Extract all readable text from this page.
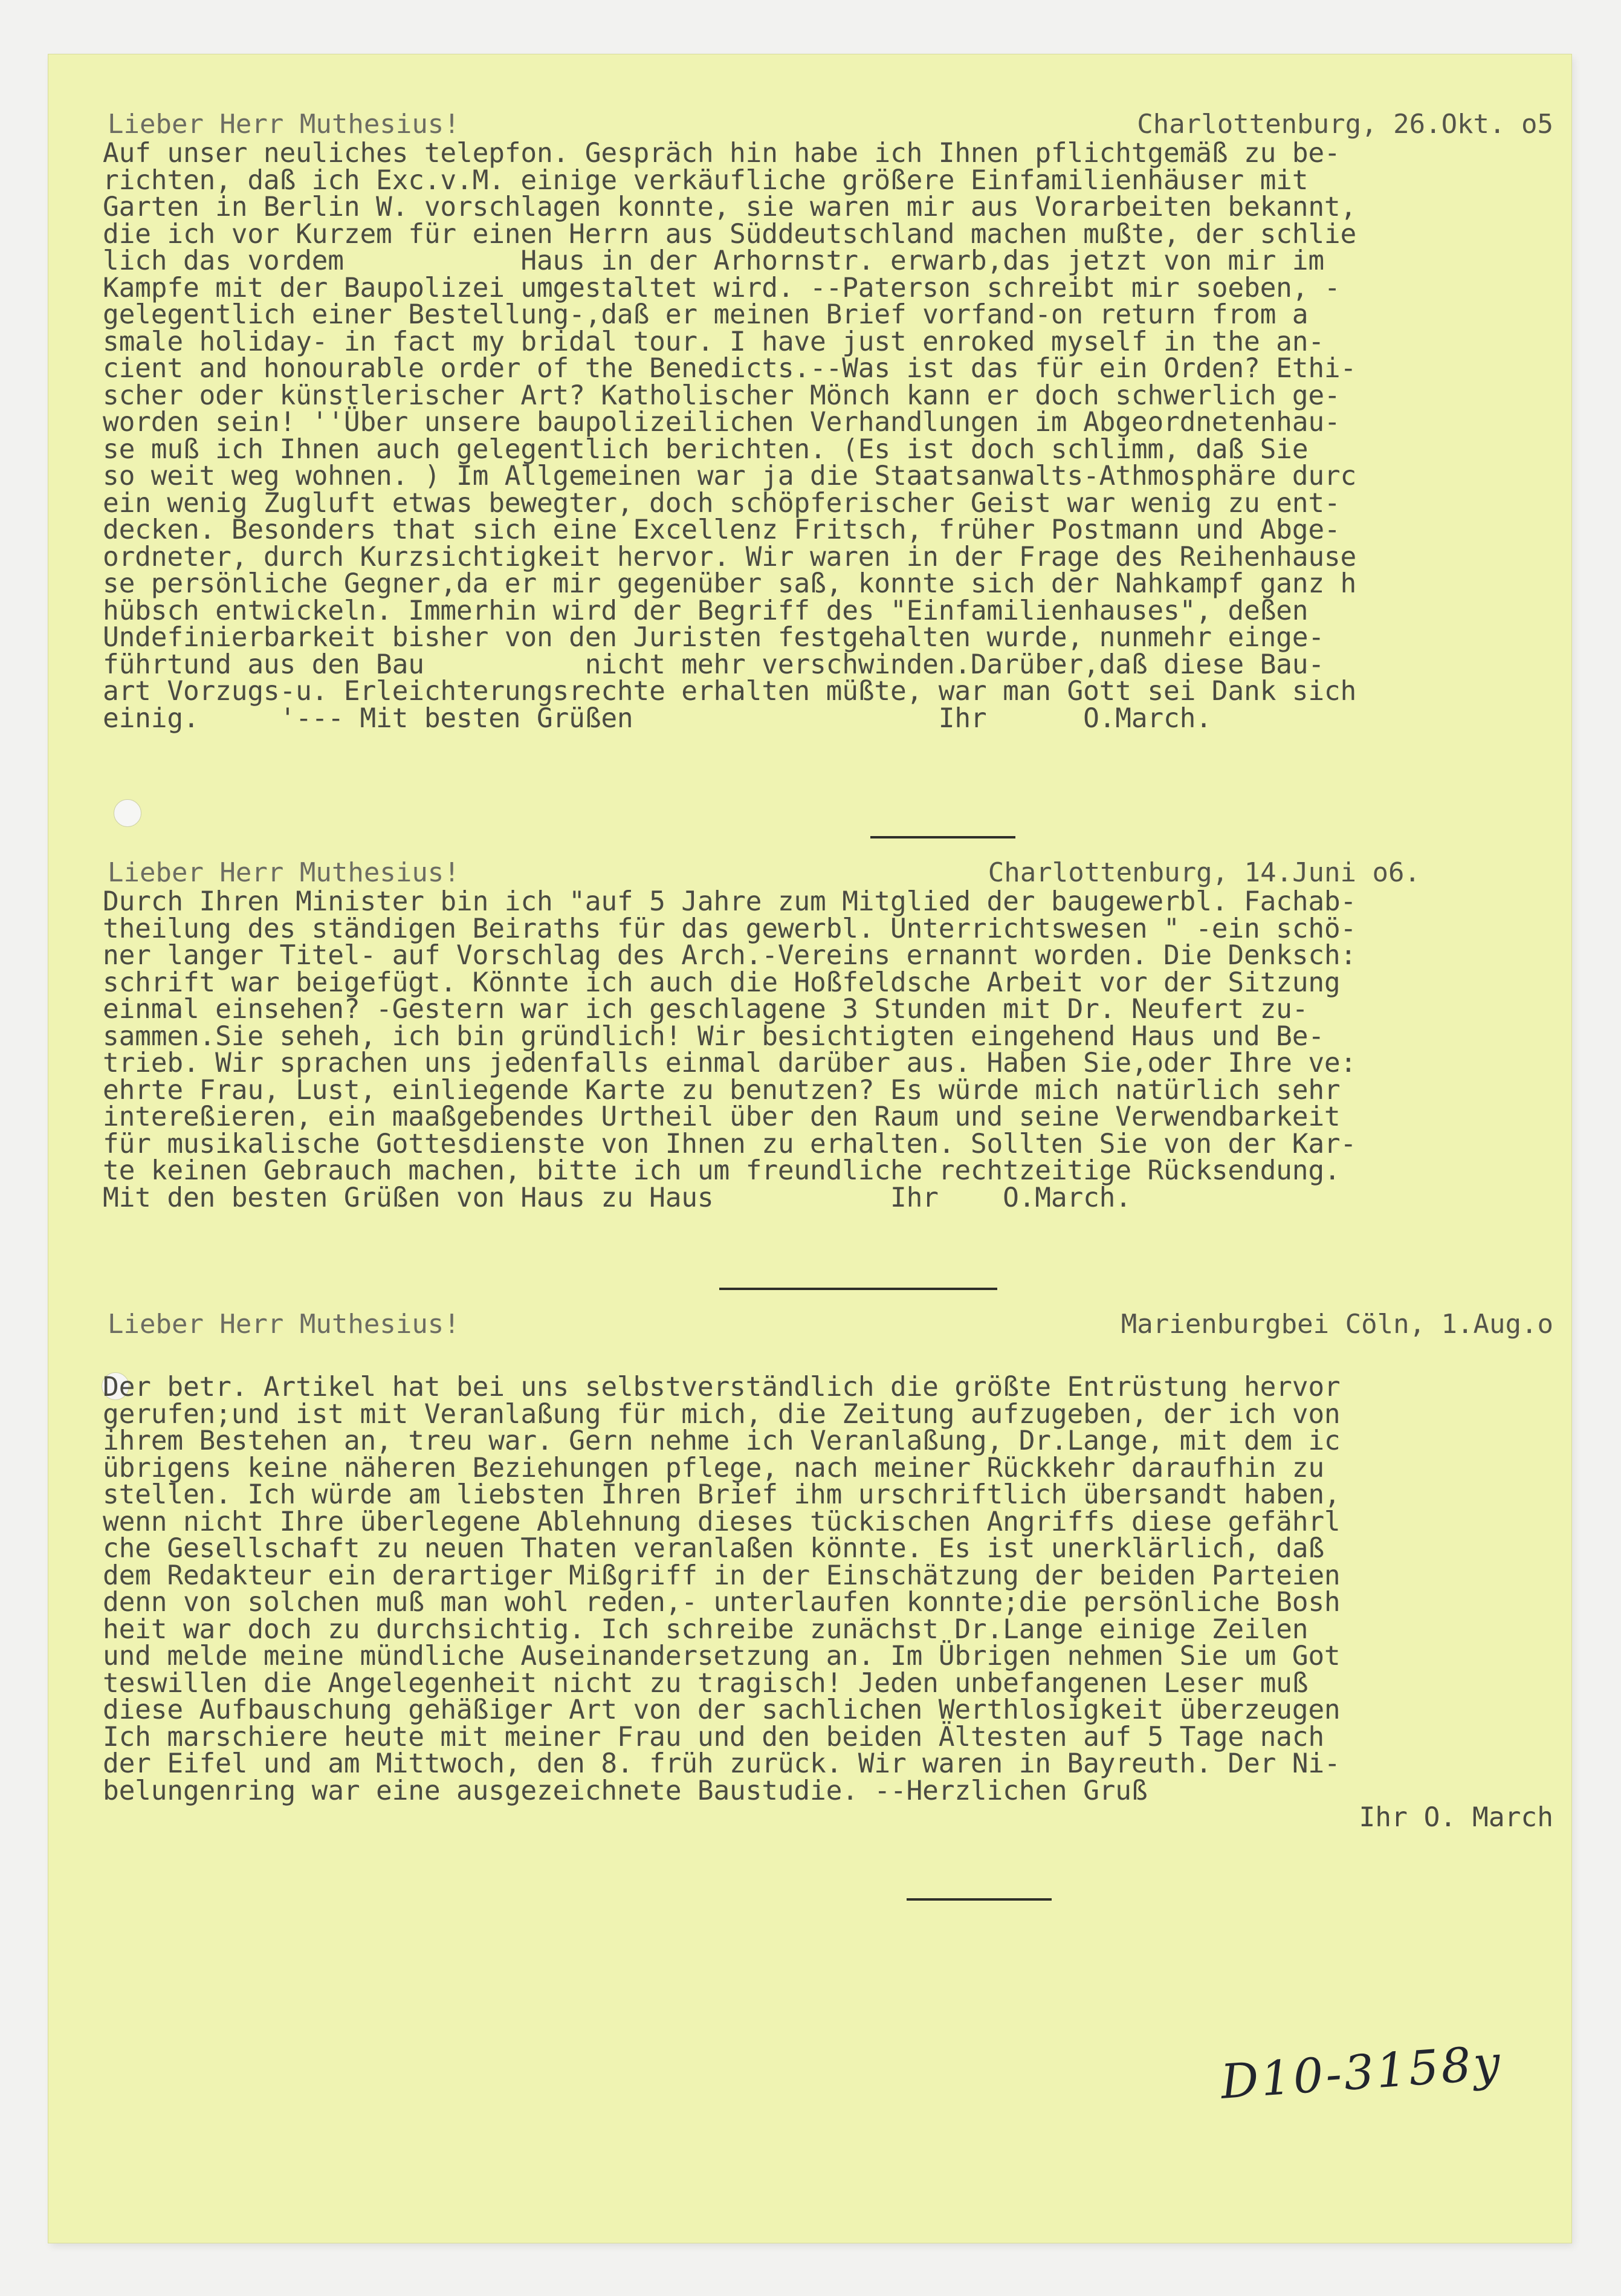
Lieber Herr Muthesius!	Charlottenburg, 26.Okt. o5
Auf unser neuliches telepfon. Gespräch hin habe ich Ihnen pflichtgemäß zu be-
richten, daß ich Exc.v.M. einige verkäufliche größere Einfamilienhäuser mit
Garten in Berlin W. vorschlagen konnte, sie waren mir aus Vorarbeiten bekannt,
die ich vor Kurzem für einen Herrn aus Süddeutschland machen mußte, der schlie
lich das vordem           Haus in der Arhornstr. erwarb,das jetzt von mir im
Kampfe mit der Baupolizei umgestaltet wird. --Paterson schreibt mir soeben, -
gelegentlich einer Bestellung-,daß er meinen Brief vorfand-on return from a
smale holiday- in fact my bridal tour. I have just enroked myself in the an-
cient and honourable order of the Benedicts.--Was ist das für ein Orden? Ethi-
scher oder künstlerischer Art? Katholischer Mönch kann er doch schwerlich ge-
worden sein! ''Über unsere baupolizeilichen Verhandlungen im Abgeordnetenhau-
se muß ich Ihnen auch gelegentlich berichten. (Es ist doch schlimm, daß Sie
so weit weg wohnen. ) Im Allgemeinen war ja die Staatsanwalts-Athmosphäre durc
ein wenig Zugluft etwas bewegter, doch schöpferischer Geist war wenig zu ent-
decken. Besonders that sich eine Excellenz Fritsch, früher Postmann und Abge-
ordneter, durch Kurzsichtigkeit hervor. Wir waren in der Frage des Reihenhause
se persönliche Gegner,da er mir gegenüber saß, konnte sich der Nahkampf ganz h
hübsch entwickeln. Immerhin wird der Begriff des "Einfamilienhauses", deßen
Undefinierbarkeit bisher von den Juristen festgehalten wurde, nunmehr einge-
führtund aus den Bau          nicht mehr verschwinden.Darüber,daß diese Bau-
art Vorzugs-u. Erleichterungsrechte erhalten müßte, war man Gott sei Dank sich
einig.     '--- Mit besten Grüßen                   Ihr      O.March.
Lieber Herr Muthesius!	Charlottenburg, 14.Juni o6.
Durch Ihren Minister bin ich "auf 5 Jahre zum Mitglied der baugewerbl. Fachab-
theilung des ständigen Beiraths für das gewerbl. Unterrichtswesen " -ein schö-
ner langer Titel- auf Vorschlag des Arch.-Vereins ernannt worden. Die Denksch:
schrift war beigefügt. Könnte ich auch die Hoßfeldsche Arbeit vor der Sitzung
einmal einsehen? -Gestern war ich geschlagene 3 Stunden mit Dr. Neufert zu-
sammen.Sie seheh, ich bin gründlich! Wir besichtigten eingehend Haus und Be-
trieb. Wir sprachen uns jedenfalls einmal darüber aus. Haben Sie,oder Ihre ve:
ehrte Frau, Lust, einliegende Karte zu benutzen? Es würde mich natürlich sehr
intereßieren, ein maaßgebendes Urtheil über den Raum und seine Verwendbarkeit
für musikalische Gottesdienste von Ihnen zu erhalten. Sollten Sie von der Kar-
te keinen Gebrauch machen, bitte ich um freundliche rechtzeitige Rücksendung.
Mit den besten Grüßen von Haus zu Haus           Ihr    O.March.
Lieber Herr Muthesius!	Marienburgbei Cöln, 1.Aug.o
Der betr. Artikel hat bei uns selbstverständlich die größte Entrüstung hervor
gerufen;und ist mit Veranlaßung für mich, die Zeitung aufzugeben, der ich von
ihrem Bestehen an, treu war. Gern nehme ich Veranlaßung, Dr.Lange, mit dem ic
übrigens keine näheren Beziehungen pflege, nach meiner Rückkehr daraufhin zu
stellen. Ich würde am liebsten Ihren Brief ihm urschriftlich übersandt haben,
wenn nicht Ihre überlegene Ablehnung dieses tückischen Angriffs diese gefährl
che Gesellschaft zu neuen Thaten veranlaßen könnte. Es ist unerklärlich, daß
dem Redakteur ein derartiger Mißgriff in der Einschätzung der beiden Parteien
denn von solchen muß man wohl reden,- unterlaufen konnte;die persönliche Bosh
heit war doch zu durchsichtig. Ich schreibe zunächst Dr.Lange einige Zeilen
und melde meine mündliche Auseinandersetzung an. Im Übrigen nehmen Sie um Got
teswillen die Angelegenheit nicht zu tragisch! Jeden unbefangenen Leser muß
diese Aufbauschung gehäßiger Art von der sachlichen Werthlosigkeit überzeugen
Ich marschiere heute mit meiner Frau und den beiden Ältesten auf 5 Tage nach
der Eifel und am Mittwoch, den 8. früh zurück. Wir waren in Bayreuth. Der Ni-
belungenring war eine ausgezeichnete Baustudie. --Herzlichen Gruß
Ihr O. March
D10-3158y
